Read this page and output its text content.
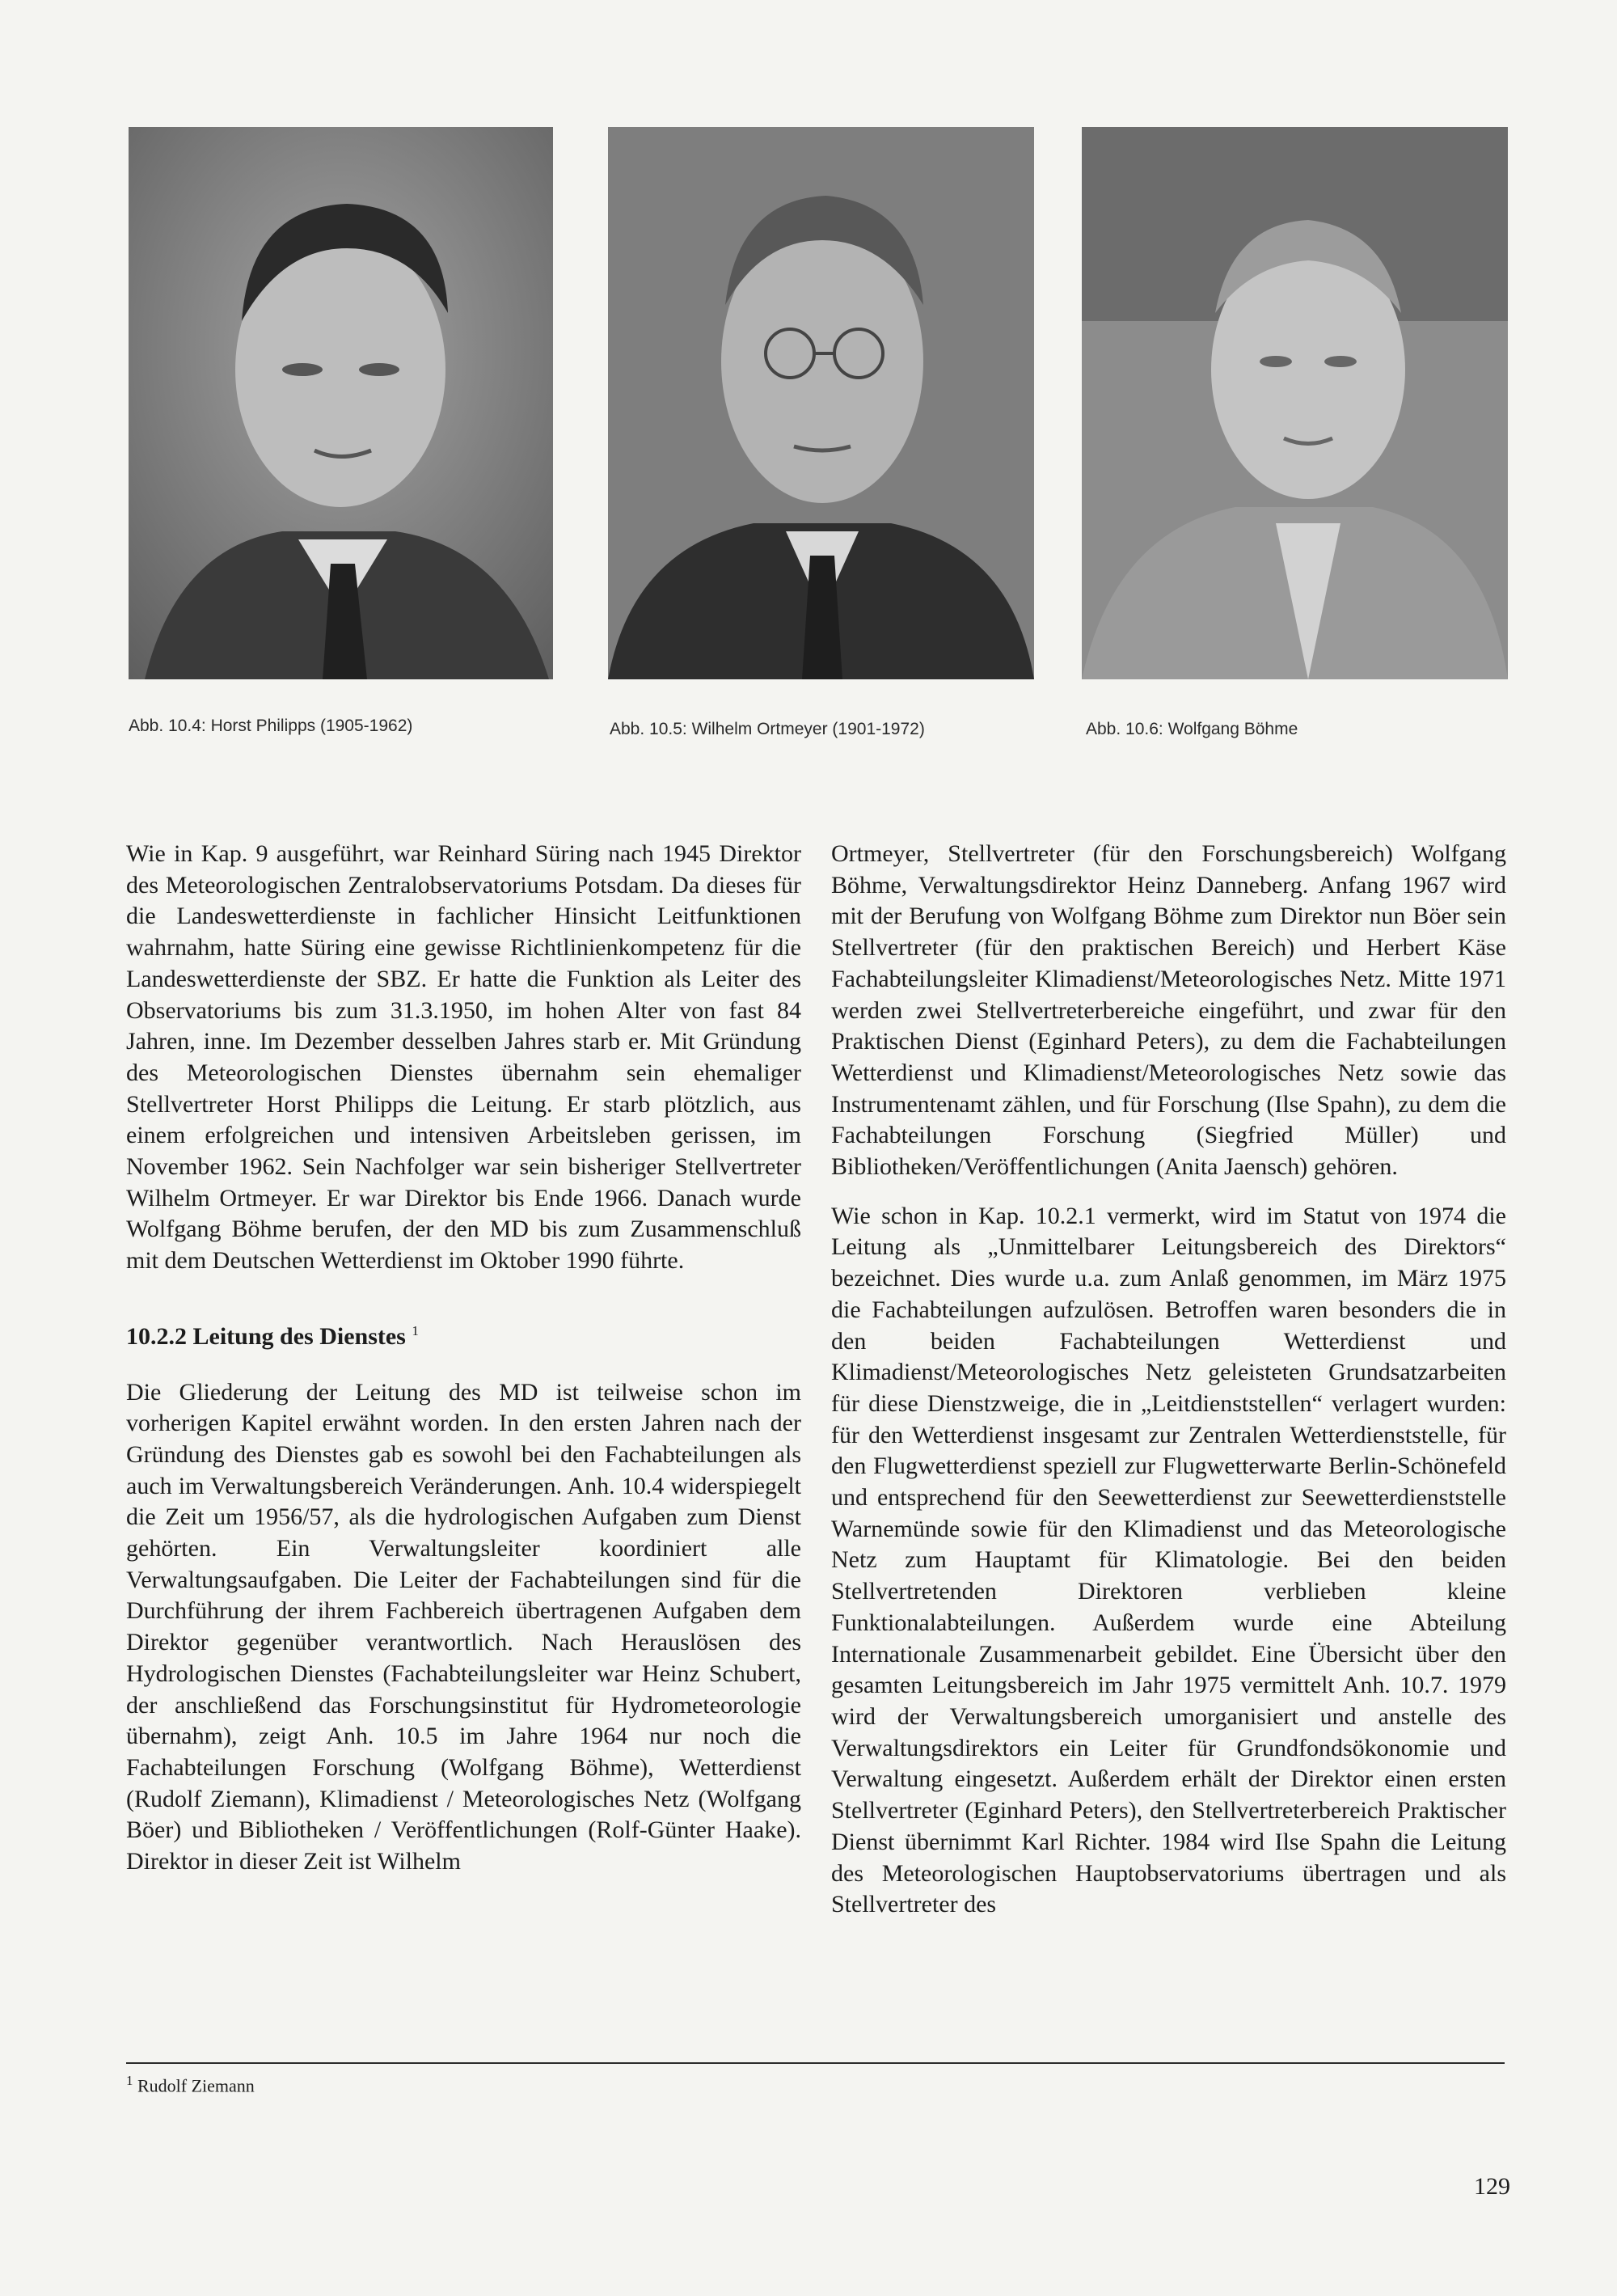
Abb. 10.4: Horst Philipps (1905-1962)	Abb. 10.5: Wilhelm Ortmeyer (1901-1972)	Abb. 10.6: Wolfgang Böhme

Wie in Kap. 9 ausgeführt, war Reinhard Süring nach 1945 Direktor des Meteorologischen Zentralobservatoriums Potsdam. Da dieses für die Landeswetterdienste in fachlicher Hinsicht Leitfunktionen wahrnahm, hatte Süring eine gewisse Richtlinienkompetenz für die Landeswetterdienste der SBZ. Er hatte die Funktion als Leiter des Observatoriums bis zum 31.3.1950, im hohen Alter von fast 84 Jahren, inne. Im Dezember desselben Jahres starb er. Mit Gründung des Meteorologischen Dienstes übernahm sein ehemaliger Stellvertreter Horst Philipps die Leitung. Er starb plötzlich, aus einem erfolgreichen und intensiven Arbeitsleben gerissen, im November 1962. Sein Nachfolger war sein bisheriger Stellvertreter Wilhelm Ortmeyer. Er war Direktor bis Ende 1966. Danach wurde Wolfgang Böhme berufen, der den MD bis zum Zusammenschluß mit dem Deutschen Wetterdienst im Oktober 1990 führte.

10.2.2 Leitung des Dienstes $^1$

Die Gliederung der Leitung des MD ist teilweise schon im vorherigen Kapitel erwähnt worden. In den ersten Jahren nach der Gründung des Dienstes gab es sowohl bei den Fachabteilungen als auch im Verwaltungsbereich Veränderungen. Anh. 10.4 widerspiegelt die Zeit um 1956/57, als die hydrologischen Aufgaben zum Dienst gehörten. Ein Verwaltungsleiter koordiniert alle Verwaltungsaufgaben. Die Leiter der Fachabteilungen sind für die Durchführung der ihrem Fachbereich übertragenen Aufgaben dem Direktor gegenüber verantwortlich. Nach Herauslösen des Hydrologischen Dienstes (Fachabteilungsleiter war Heinz Schubert, der anschließend das Forschungsinstitut für Hydrometeorologie übernahm), zeigt Anh. 10.5 im Jahre 1964 nur noch die Fachabteilungen Forschung (Wolfgang Böhme), Wetterdienst (Rudolf Ziemann), Klimadienst / Meteorologisches Netz (Wolfgang Böer) und Bibliotheken / Veröffentlichungen (Rolf-Günter Haake). Direktor in dieser Zeit ist Wilhelm

Ortmeyer, Stellvertreter (für den Forschungsbereich) Wolfgang Böhme, Verwaltungsdirektor Heinz Danneberg. Anfang 1967 wird mit der Berufung von Wolfgang Böhme zum Direktor nun Böer sein Stellvertreter (für den praktischen Bereich) und Herbert Käse Fachabteilungsleiter Klimadienst/Meteorologisches Netz. Mitte 1971 werden zwei Stellvertreterbereiche eingeführt, und zwar für den Praktischen Dienst (Eginhard Peters), zu dem die Fachabteilungen Wetterdienst und Klimadienst/Meteorologisches Netz sowie das Instrumentenamt zählen, und für Forschung (Ilse Spahn), zu dem die Fachabteilungen Forschung (Siegfried Müller) und Bibliotheken/Veröffentlichungen (Anita Jaensch) gehören.

Wie schon in Kap. 10.2.1 vermerkt, wird im Statut von 1974 die Leitung als „Unmittelbarer Leitungsbereich des Direktors“ bezeichnet. Dies wurde u.a. zum Anlaß genommen, im März 1975 die Fachabteilungen aufzulösen. Betroffen waren besonders die in den beiden Fachabteilungen Wetterdienst und Klimadienst/Meteorologisches Netz geleisteten Grundsatzarbeiten für diese Dienstzweige, die in „Leitdienststellen“ verlagert wurden: für den Wetterdienst insgesamt zur Zentralen Wetterdienststelle, für den Flugwetterdienst speziell zur Flugwetterwarte Berlin-Schönefeld und entsprechend für den Seewetterdienst zur Seewetterdienststelle Warnemünde sowie für den Klimadienst und das Meteorologische Netz zum Hauptamt für Klimatologie. Bei den beiden Stellvertretenden Direktoren verblieben kleine Funktionalabteilungen. Außerdem wurde eine Abteilung Internationale Zusammenarbeit gebildet. Eine Übersicht über den gesamten Leitungsbereich im Jahr 1975 vermittelt Anh. 10.7. 1979 wird der Verwaltungsbereich umorganisiert und anstelle des Verwaltungsdirektors ein Leiter für Grundfondsökonomie und Verwaltung eingesetzt. Außerdem erhält der Direktor einen ersten Stellvertreter (Eginhard Peters), den Stellvertreterbereich Praktischer Dienst übernimmt Karl Richter. 1984 wird Ilse Spahn die Leitung des Meteorologischen Hauptobservatoriums übertragen und als Stellvertreter des

$^1$ Rudolf Ziemann
129
